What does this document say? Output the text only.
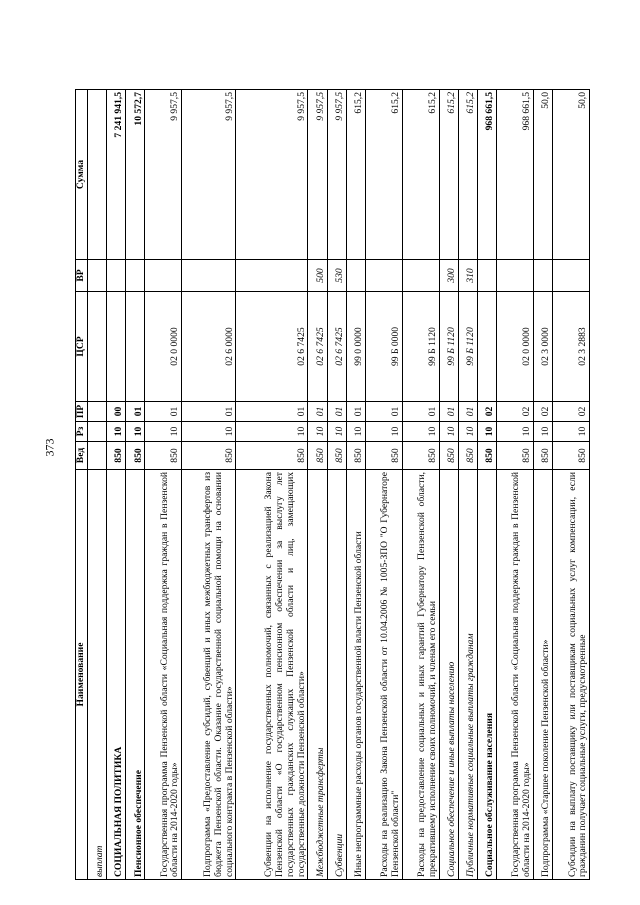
373
Наименование	Вед	Рз	ПР	ЦСР	ВР	Сумма
выплат						
СОЦИАЛЬНАЯ ПОЛИТИКА	850	10	00			7 241 941,5
Пенсионное обеспечение	850	10	01			10 572,7
Государственная программа Пензенской области «Социальная поддержка граждан в Пензенской области на 2014-2020 годы»	850	10	01	02 0 0000		9 957,5
Подпрограмма «Предоставление субсидий, субвенций и иных межбюджетных трансфертов из бюджета Пензенской области. Оказание государственной социальной помощи на основании социального контракта в Пензенской области»	850	10	01	02 6 0000		9 957,5
Субвенции на исполнение государственных полномочий, связанных с реализацией Закона Пензенской области «О государственном пенсионном обеспечении за выслугу лет государственных гражданских служащих Пензенской области и лиц, замещающих государственные должности Пензенской области»	850	10	01	02 6 7425		9 957,5
Межбюджетные трансферты	850	10	01	02 6 7425	500	9 957,5
Субвенции	850	10	01	02 6 7425	530	9 957,5
Иные непрограммные расходы органов государственной власти Пензенской области	850	10	01	99 0 0000		615,2
Расходы на реализацию Закона Пензенской области от 10.04.2006 № 1005-ЗПО "О Губернаторе Пензенской области"	850	10	01	99 Б 0000		615,2
Расходы на предоставление социальных и иных гарантий Губернатору Пензенской области, прекратившему исполнение своих полномочий, и членам его семьи	850	10	01	99 Б 1120		615,2
Социальное обеспечение и иные выплаты населению	850	10	01	99 Б 1120	300	615,2
Публичные нормативные социальные выплаты гражданам	850	10	01	99 Б 1120	310	615,2
Социальное обслуживание населения	850	10	02			968 661,5
Государственная программа Пензенской области «Социальная поддержка граждан в Пензенской области на 2014-2020 годы»	850	10	02	02 0 0000		968 661,5
Подпрограмма «Старшее поколение Пензенской области»	850	10	02	02 3 0000		50,0
Субсидии на выплату поставщику или поставщикам социальных услуг компенсации, если гражданин получает социальные услуги, предусмотренные	850	10	02	02 3 2883		50,0
